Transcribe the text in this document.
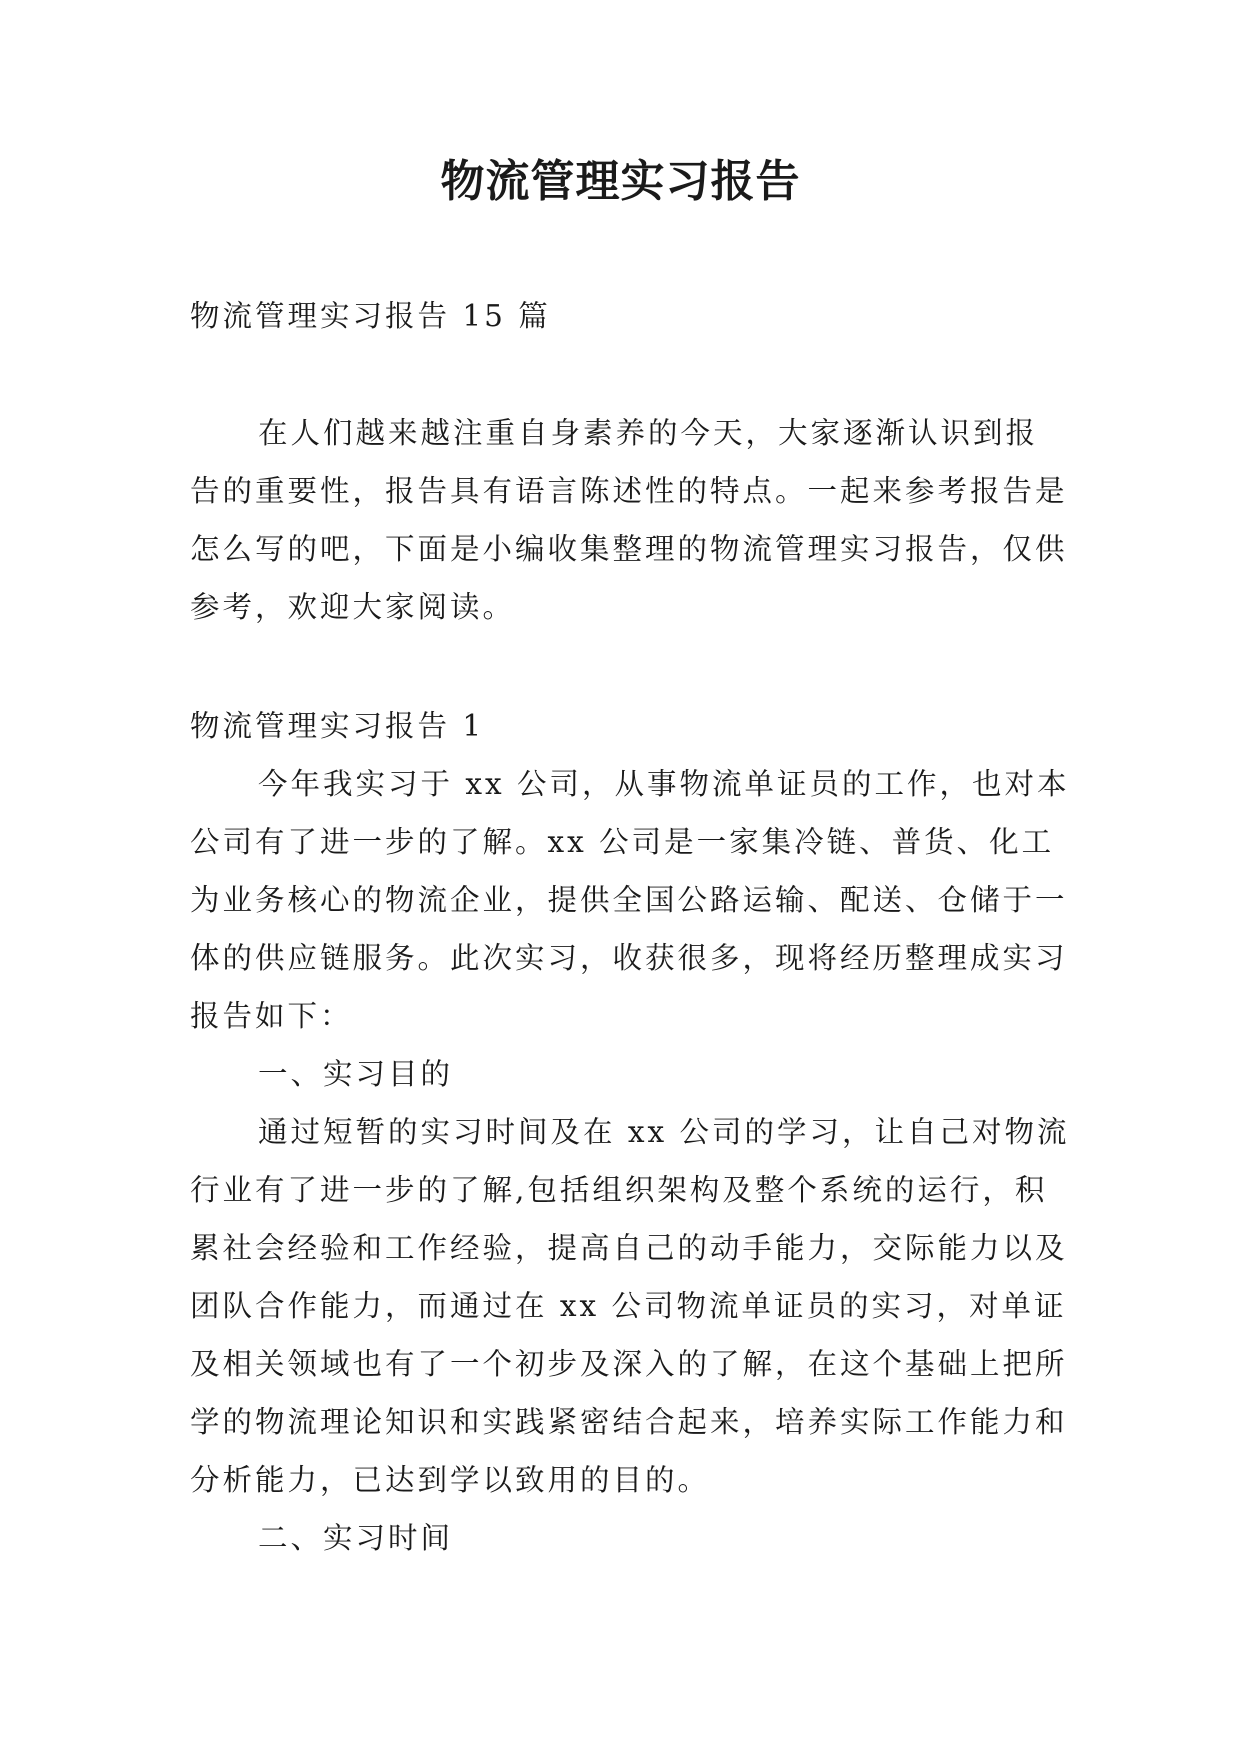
物流管理实习报告

物流管理实习报告 15 篇

在人们越来越注重自身素养的今天，大家逐渐认识到报告的重要性，报告具有语言陈述性的特点。一起来参考报告是怎么写的吧，下面是小编收集整理的物流管理实习报告，仅供参考，欢迎大家阅读。

物流管理实习报告 1

今年我实习于 xx 公司，从事物流单证员的工作，也对本公司有了进一步的了解。xx 公司是一家集冷链、普货、化工为业务核心的物流企业，提供全国公路运输、配送、仓储于一体的供应链服务。此次实习，收获很多，现将经历整理成实习报告如下：

一、实习目的

通过短暂的实习时间及在 xx 公司的学习，让自己对物流行业有了进一步的了解,包括组织架构及整个系统的运行，积累社会经验和工作经验，提高自己的动手能力，交际能力以及团队合作能力，而通过在 xx 公司物流单证员的实习，对单证及相关领域也有了一个初步及深入的了解，在这个基础上把所学的物流理论知识和实践紧密结合起来，培养实际工作能力和分析能力，已达到学以致用的目的。

二、实习时间
